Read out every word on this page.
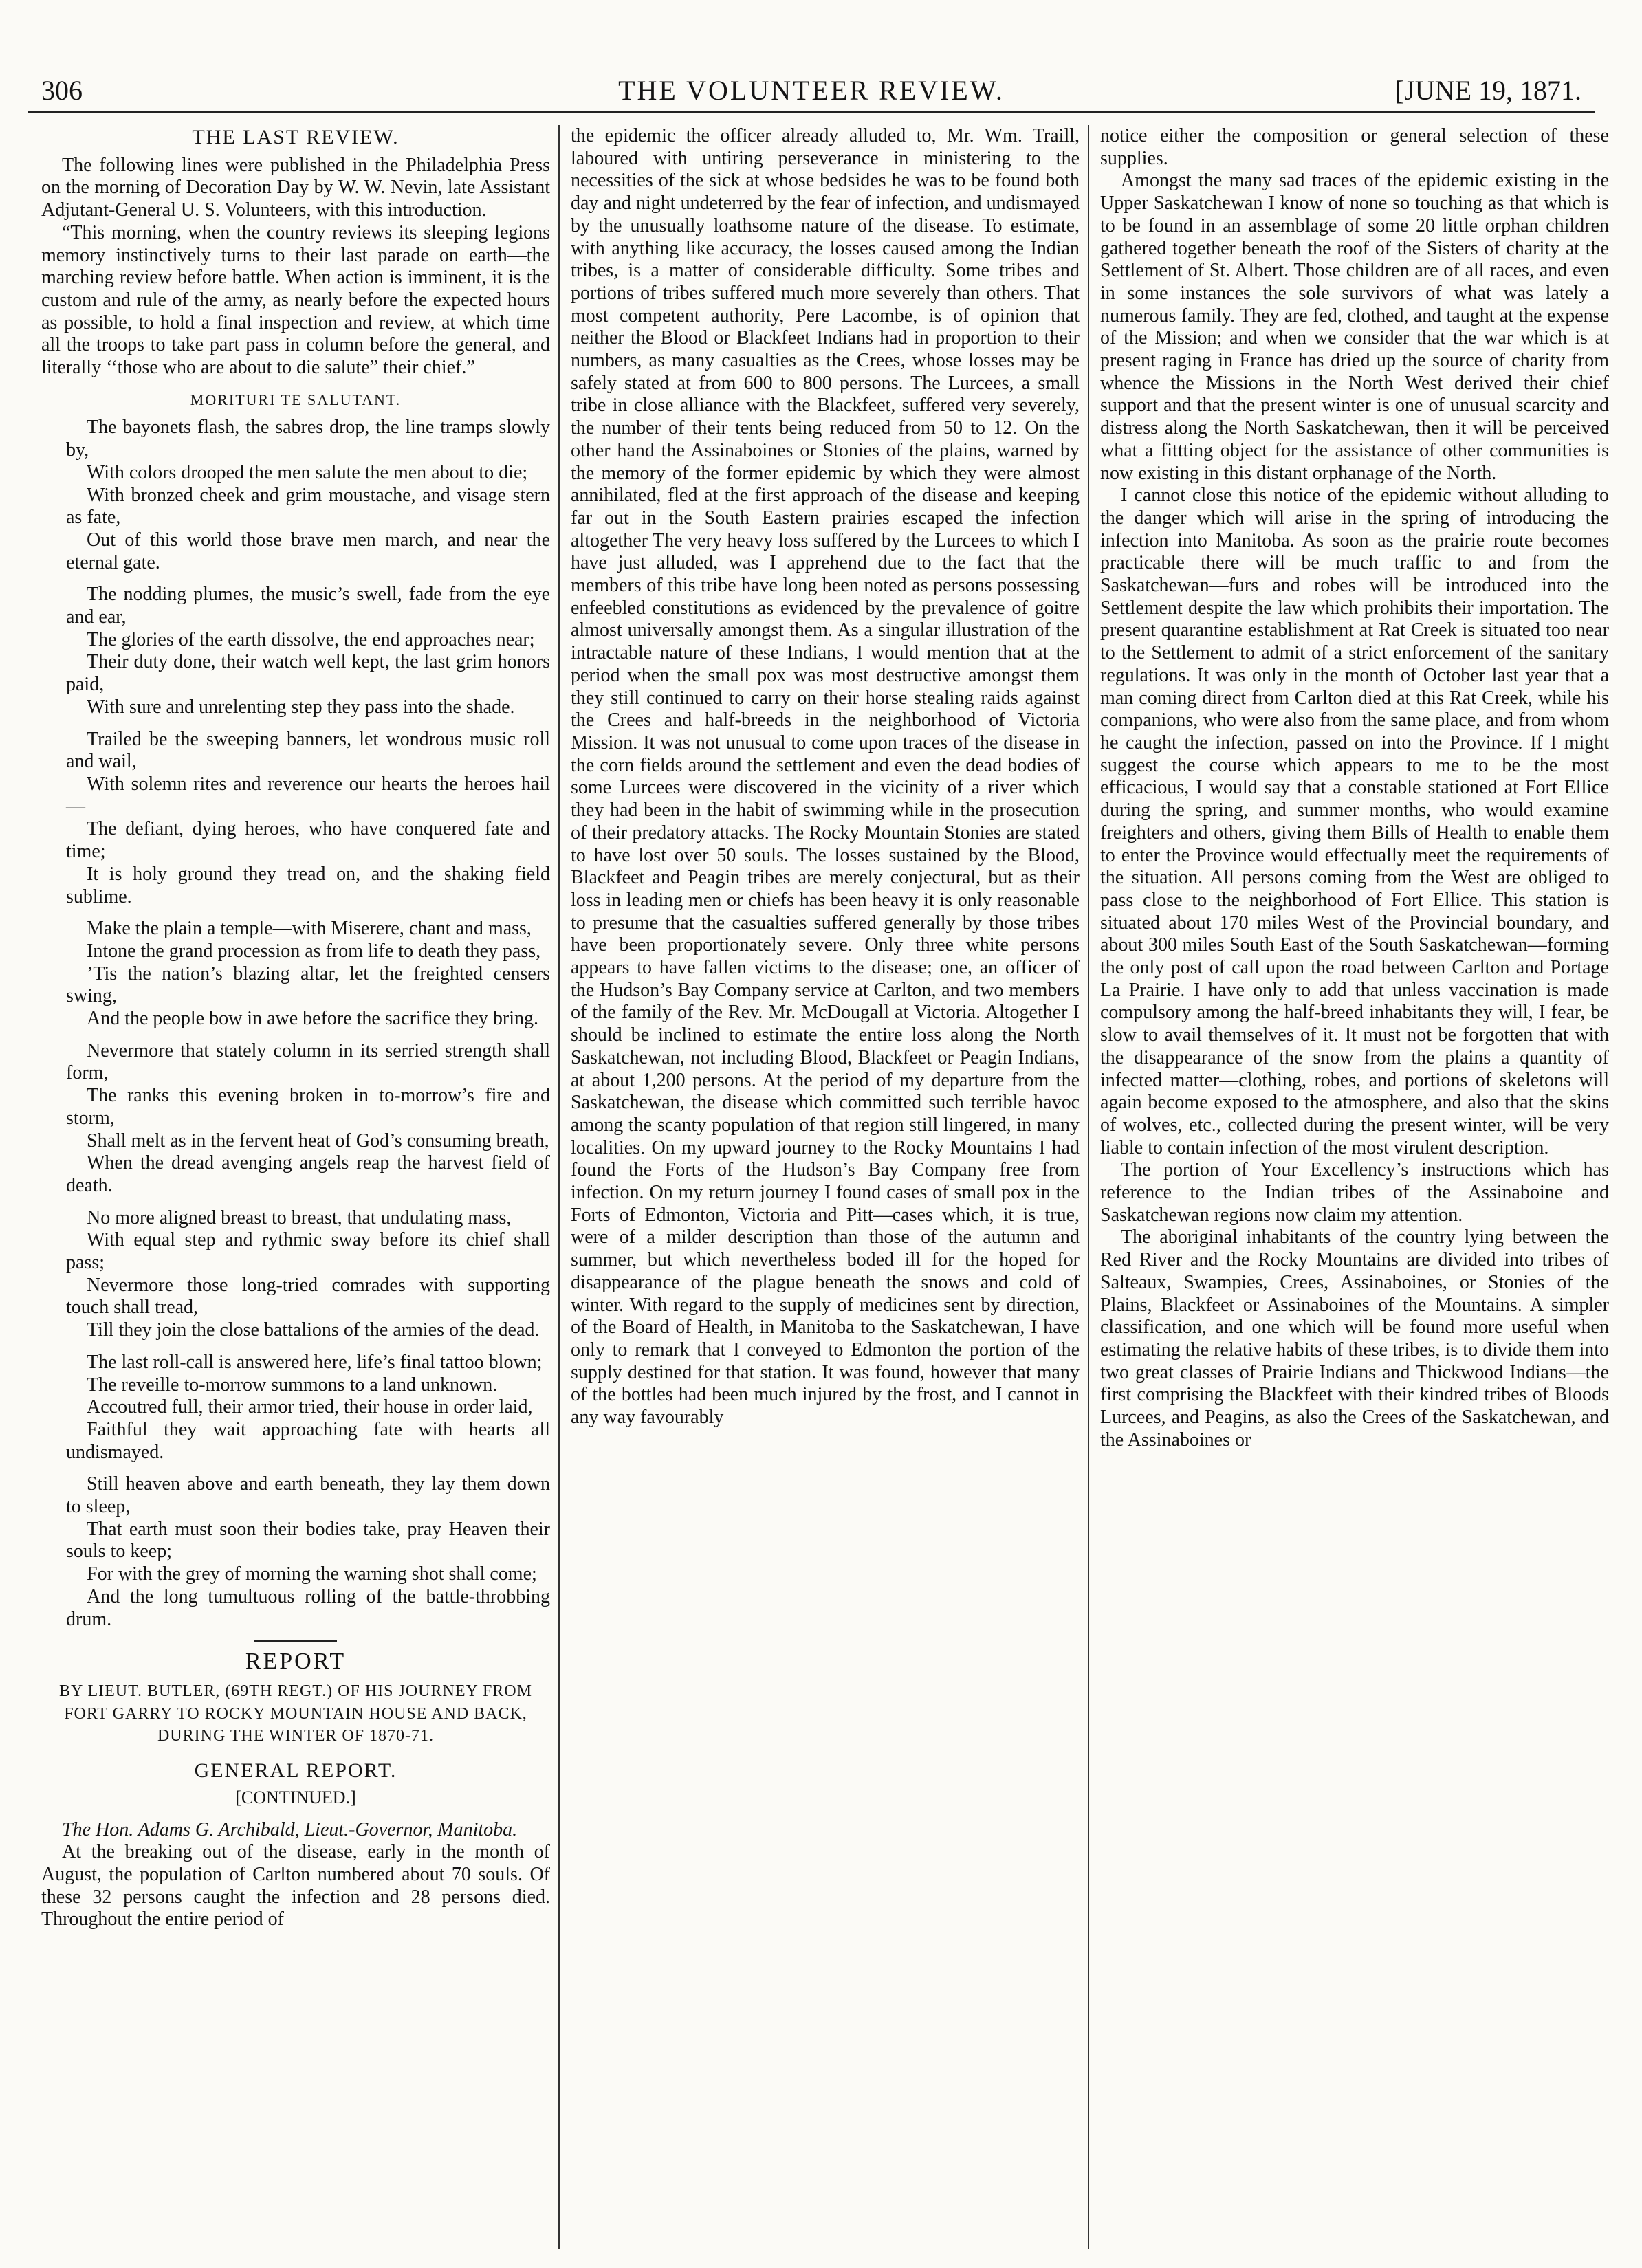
306	THE VOLUNTEER REVIEW.	[JUNE 19, 1871.
THE LAST REVIEW.

The following lines were published in the Philadelphia Press on the morning of Decoration Day by W. W. Nevin, late Assistant Adjutant-General U. S. Volunteers, with this introduction.

“This morning, when the country reviews its sleeping legions memory instinctively turns to their last parade on earth—the marching review before battle. When action is imminent, it is the custom and rule of the army, as nearly before the expected hours as possible, to hold a final inspection and review, at which time all the troops to take part pass in column before the general, and literally ‘‘those who are about to die salute” their chief.”

MORITURI TE SALUTANT.

The bayonets flash, the sabres drop, the line tramps slowly by,

With colors drooped the men salute the men about to die;

With bronzed cheek and grim moustache, and visage stern as fate,

Out of this world those brave men march, and near the eternal gate.

The nodding plumes, the music’s swell, fade from the eye and ear,

The glories of the earth dissolve, the end approaches near;

Their duty done, their watch well kept, the last grim honors paid,

With sure and unrelenting step they pass into the shade.

Trailed be the sweeping banners, let wondrous music roll and wail,

With solemn rites and reverence our hearts the heroes hail—

The defiant, dying heroes, who have conquered fate and time;

It is holy ground they tread on, and the shaking field sublime.

Make the plain a temple—with Miserere, chant and mass,

Intone the grand procession as from life to death they pass,

’Tis the nation’s blazing altar, let the freighted censers swing,

And the people bow in awe before the sacrifice they bring.

Nevermore that stately column in its serried strength shall form,

The ranks this evening broken in to-morrow’s fire and storm,

Shall melt as in the fervent heat of God’s consuming breath,

When the dread avenging angels reap the harvest field of death.

No more aligned breast to breast, that undulating mass,

With equal step and rythmic sway before its chief shall pass;

Nevermore those long-tried comrades with supporting touch shall tread,

Till they join the close battalions of the armies of the dead.

The last roll-call is answered here, life’s final tattoo blown;

The reveille to-morrow summons to a land unknown.

Accoutred full, their armor tried, their house in order laid,

Faithful they wait approaching fate with hearts all undismayed.

Still heaven above and earth beneath, they lay them down to sleep,

That earth must soon their bodies take, pray Heaven their souls to keep;

For with the grey of morning the warning shot shall come;

And the long tumultuous rolling of the battle-throbbing drum.

REPORT
BY LIEUT. BUTLER, (69TH REGT.) OF HIS JOURNEY FROM FORT GARRY TO ROCKY MOUNTAIN HOUSE AND BACK, DURING THE WINTER OF 1870-71.
GENERAL REPORT.
[CONTINUED.]

The Hon. Adams G. Archibald, Lieut.-Governor, Manitoba.

At the breaking out of the disease, early in the month of August, the population of Carlton numbered about 70 souls. Of these 32 persons caught the infection and 28 persons died. Throughout the entire period of

the epidemic the officer already alluded to, Mr. Wm. Traill, laboured with untiring perseverance in ministering to the necessities of the sick at whose bedsides he was to be found both day and night undeterred by the fear of infection, and undismayed by the unusually loathsome nature of the disease. To estimate, with anything like accuracy, the losses caused among the Indian tribes, is a matter of considerable difficulty. Some tribes and portions of tribes suffered much more severely than others. That most competent authority, Pere Lacombe, is of opinion that neither the Blood or Blackfeet Indians had in proportion to their numbers, as many casualties as the Crees, whose losses may be safely stated at from 600 to 800 persons. The Lurcees, a small tribe in close alliance with the Blackfeet, suffered very severely, the number of their tents being reduced from 50 to 12. On the other hand the Assinaboines or Stonies of the plains, warned by the memory of the former epidemic by which they were almost annihilated, fled at the first approach of the disease and keeping far out in the South Eastern prairies escaped the infection altogether The very heavy loss suffered by the Lurcees to which I have just alluded, was I apprehend due to the fact that the members of this tribe have long been noted as persons possessing enfeebled constitutions as evidenced by the prevalence of goitre almost universally amongst them. As a singular illustration of the intractable nature of these Indians, I would mention that at the period when the small pox was most destructive amongst them they still continued to carry on their horse stealing raids against the Crees and half-breeds in the neighborhood of Victoria Mission. It was not unusual to come upon traces of the disease in the corn fields around the settlement and even the dead bodies of some Lurcees were discovered in the vicinity of a river which they had been in the habit of swimming while in the prosecution of their predatory attacks. The Rocky Mountain Stonies are stated to have lost over 50 souls. The losses sustained by the Blood, Blackfeet and Peagin tribes are merely conjectural, but as their loss in leading men or chiefs has been heavy it is only reasonable to presume that the casualties suffered generally by those tribes have been proportionately severe. Only three white persons appears to have fallen victims to the disease; one, an officer of the Hudson’s Bay Company service at Carlton, and two members of the family of the Rev. Mr. McDougall at Victoria. Altogether I should be inclined to estimate the entire loss along the North Saskatchewan, not including Blood, Blackfeet or Peagin Indians, at about 1,200 persons. At the period of my departure from the Saskatchewan, the disease which committed such terrible havoc among the scanty population of that region still lingered, in many localities. On my upward journey to the Rocky Mountains I had found the Forts of the Hudson’s Bay Company free from infection. On my return journey I found cases of small pox in the Forts of Edmonton, Victoria and Pitt—cases which, it is true, were of a milder description than those of the autumn and summer, but which nevertheless boded ill for the hoped for disappearance of the plague beneath the snows and cold of winter. With regard to the supply of medicines sent by direction, of the Board of Health, in Manitoba to the Saskatchewan, I have only to remark that I conveyed to Edmonton the portion of the supply destined for that station. It was found, however that many of the bottles had been much injured by the frost, and I cannot in any way favourably

notice either the composition or general selection of these supplies.

Amongst the many sad traces of the epidemic existing in the Upper Saskatchewan I know of none so touching as that which is to be found in an assemblage of some 20 little orphan children gathered together beneath the roof of the Sisters of charity at the Settlement of St. Albert. Those children are of all races, and even in some instances the sole survivors of what was lately a numerous family. They are fed, clothed, and taught at the expense of the Mission; and when we consider that the war which is at present raging in France has dried up the source of charity from whence the Missions in the North West derived their chief support and that the present winter is one of unusual scarcity and distress along the North Saskatchewan, then it will be perceived what a fittting object for the assistance of other communities is now existing in this distant orphanage of the North.

I cannot close this notice of the epidemic without alluding to the danger which will arise in the spring of introducing the infection into Manitoba. As soon as the prairie route becomes practicable there will be much traffic to and from the Saskatchewan—furs and robes will be introduced into the Settlement despite the law which prohibits their importation. The present quarantine establishment at Rat Creek is situated too near to the Settlement to admit of a strict enforcement of the sanitary regulations. It was only in the month of October last year that a man coming direct from Carlton died at this Rat Creek, while his companions, who were also from the same place, and from whom he caught the infection, passed on into the Province. If I might suggest the course which appears to me to be the most efficacious, I would say that a constable stationed at Fort Ellice during the spring, and summer months, who would examine freighters and others, giving them Bills of Health to enable them to enter the Province would effectually meet the requirements of the situation. All persons coming from the West are obliged to pass close to the neighborhood of Fort Ellice. This station is situated about 170 miles West of the Provincial boundary, and about 300 miles South East of the South Saskatchewan—forming the only post of call upon the road between Carlton and Portage La Prairie. I have only to add that unless vaccination is made compulsory among the half-breed inhabitants they will, I fear, be slow to avail themselves of it. It must not be forgotten that with the disappearance of the snow from the plains a quantity of infected matter—clothing, robes, and portions of skeletons will again become exposed to the atmosphere, and also that the skins of wolves, etc., collected during the present winter, will be very liable to contain infection of the most virulent description.

The portion of Your Excellency’s instructions which has reference to the Indian tribes of the Assinaboine and Saskatchewan regions now claim my attention.

The aboriginal inhabitants of the country lying between the Red River and the Rocky Mountains are divided into tribes of Salteaux, Swampies, Crees, Assinaboines, or Stonies of the Plains, Blackfeet or Assinaboines of the Mountains. A simpler classification, and one which will be found more useful when estimating the relative habits of these tribes, is to divide them into two great classes of Prairie Indians and Thickwood Indians—the first comprising the Blackfeet with their kindred tribes of Bloods Lurcees, and Peagins, as also the Crees of the Saskatchewan, and the Assinaboines or
